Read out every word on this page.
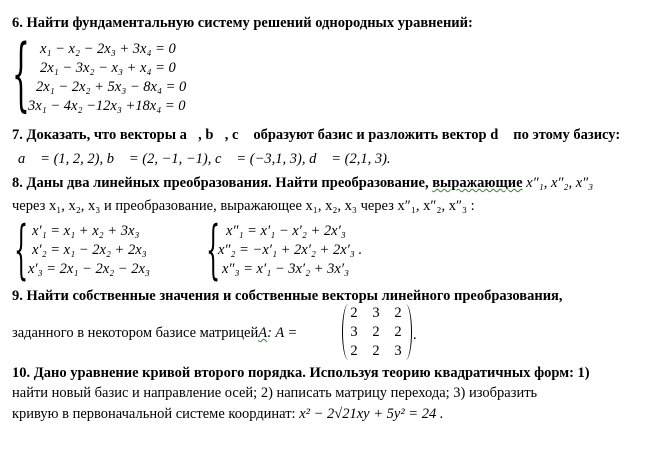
6. Найти фундаментальную систему решений однородных уравнений:
{ x₁ − x₂ − 2x₃ + 3x₄ = 0
2x₁ − 3x₂ − x₃ + x₄ = 0
2x₁ − 2x₂ + 5x₃ − 8x₄ = 0
3x₁ − 4x₂ −12x₃ +18x₄ = 0
7. Доказать, что векторы a⃗, b⃗, c⃗ образуют базис и разложить вектор d⃗ по этому базису:
a⃗ = (1, 2, 2), b⃗ = (2, −1, −1), c⃗ = (−3,1, 3), d⃗ = (2,1, 3).
8. Даны два линейных преобразования. Найти преобразование, выражающие x″₁, x″₂, x″₃
через x₁, x₂, x₃ и преобразование, выражающее x₁, x₂, x₃ через x″₁, x″₂, x″₃ :
{ x′₁ = x₁ + x₂ + 3x₃
x′₂ = x₁ − 2x₂ + 2x₃
x′₃ = 2x₁ − 2x₂ − 2x₃ { x″₁ = x′₁ − x′₂ + 2x′₃
x″₂ = −x′₁ + 2x′₂ + 2x′₃ .
x″₃ = x′₁ − 3x′₂ + 3x′₃
9. Найти собственные значения и собственные векторы линейного преобразования,
заданного в некотором базисе матрицейA: A =
2	3	2
3	2	2
2	2	3
.
10. Дано уравнение кривой второго порядка. Используя теорию квадратичных форм: 1)
найти новый базис и направление осей; 2) написать матрицу перехода; 3) изобразить
кривую в первоначальной системе координат: x² − 2√21xy + 5y² = 24 .
